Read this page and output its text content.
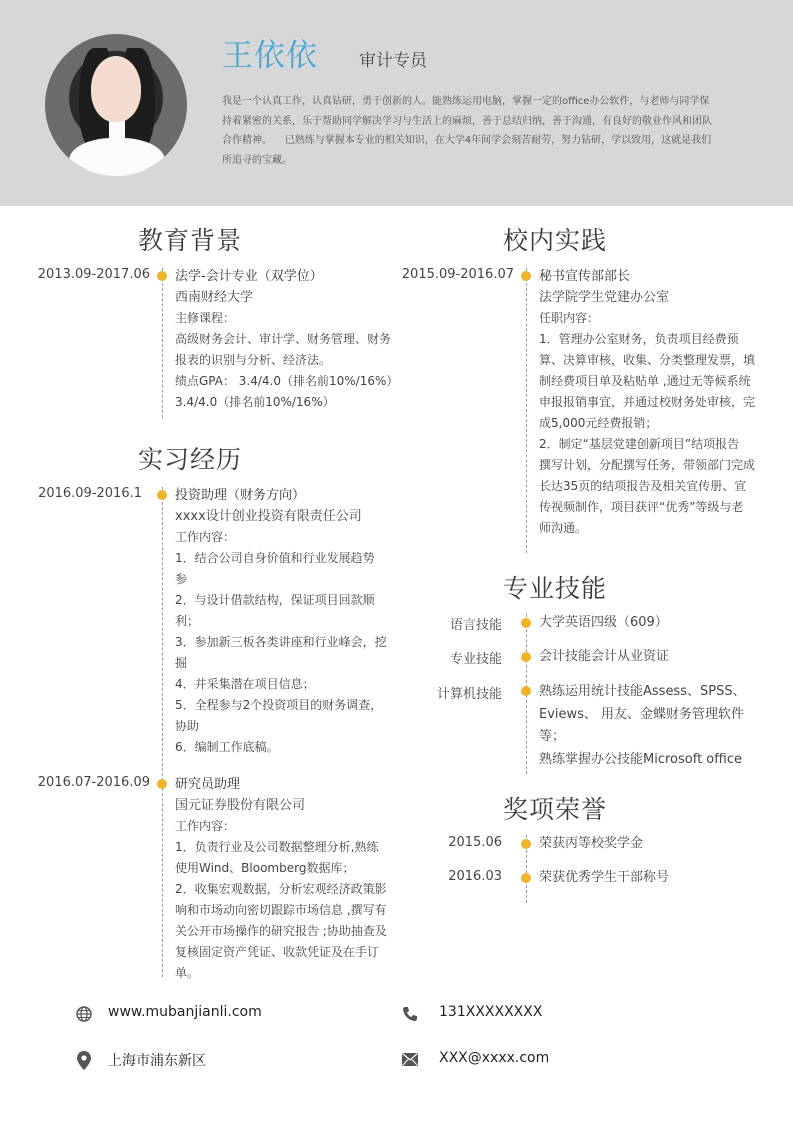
王依依 审计专员
我是一个认真工作，认真钻研，勇于创新的人。能熟练运用电脑，掌握一定的office办公软件，与老师与同学保
持着紧密的关系，乐于帮助同学解决学习与生活上的麻烦，善于总结归纳，善于沟通，有良好的敬业作风和团队
合作精神。    已熟练与掌握本专业的相关知识，在大学4年间学会刻苦耐劳，努力钻研，学以致用，这就是我们
所追寻的宝藏。
教育背景
2013.09-2017.06 法学-会计专业（双学位）
西南财经大学
主修课程：
高级财务会计、审计学、财务管理、财务
报表的识别与分析、经济法。
绩点GPA： 3.4/4.0（排名前10%/16%）
3.4/4.0（排名前10%/16%）
实习经历
2016.09-2016.1	投资助理（财务方向）
xxxx设计创业投资有限责任公司
工作内容：
1．结合公司自身价值和行业发展趋势
参
2．与设计借款结构，保证项目回款顺
利；
3．参加新三板各类讲座和行业峰会，挖
掘
4．并采集潜在项目信息；
5．全程参与2个投资项目的财务调查，
协助
6．编制工作底稿。
2016.07-2016.09 研究员助理
国元证券股份有限公司
工作内容：
1．负责行业及公司数据整理分析,熟练
使用Wind、Bloomberg数据库；
2．收集宏观数据，分析宏观经济政策影
响和市场动向密切跟踪市场信息 ,撰写有
关公开市场操作的研究报告 ;协助抽查及
复核固定资产凭证、收款凭证及在手订
单。
校内实践
2015.09-2016.07 秘书宣传部部长
法学院学生党建办公室
任职内容：
1．管理办公室财务，负责项目经费预
算、决算审核，收集、分类整理发票，填
制经费项目单及粘贴单 ,通过无等候系统
申报报销事宜，并通过校财务处审核，完
成5,000元经费报销；
2．制定“基层党建创新项目”结项报告
撰写计划，分配撰写任务，带领部门完成
长达35页的结项报告及相关宣传册、宣
传视频制作，项目获评“优秀”等级与老
师沟通。
专业技能
语言技能	大学英语四级（609）
专业技能	会计技能会计从业资证
计算机技能	熟练运用统计技能Assess、SPSS、
Eviews、 用友、金蝶财务管理软件
等；
熟练掌握办公技能Microsoft office
奖项荣誉
2015.06	荣获丙等校奖学金
2016.03	荣获优秀学生干部称号
www.mubanjianli.com	131XXXXXXXX
上海市浦东新区	XXX@xxxx.com
